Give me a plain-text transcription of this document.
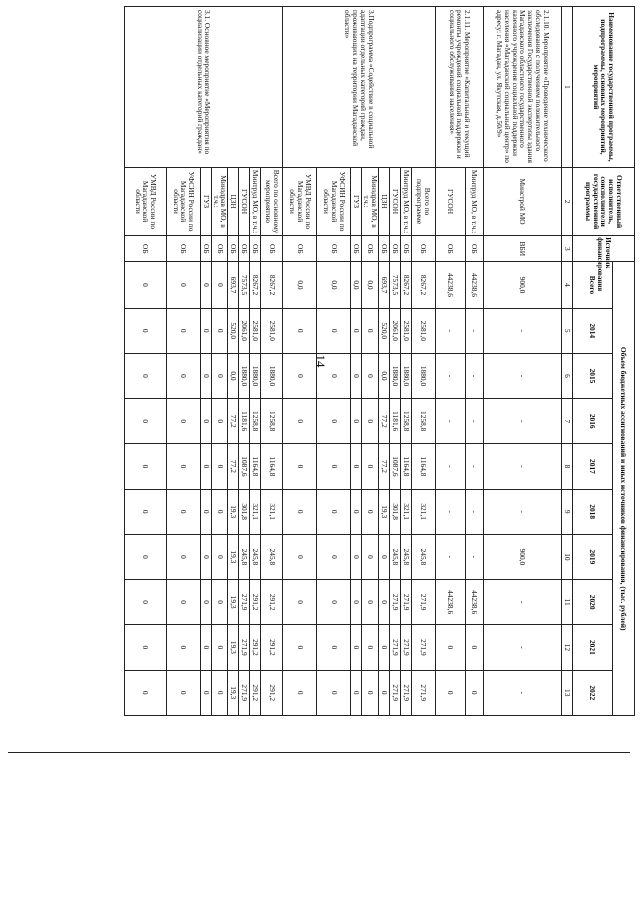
14
Наименование государственной программы, подпрограммы, основных мероприятий, мероприятий	Ответственный исполнитель, соисполнители государственной программы	Источник финансирования	Объем бюджетных ассигнований и иных источников финансирования, (тыс. рублей)									
			Всего	2014	2015	2016	2017	2018	2019	2020	2021	2022
1	2	3	4	5	6	7	8	9	10	11	12	13
2.1.10. Мероприятие «Проведение технического обследования с получением положительного заключения Государственной экспертизы здания Магаданского областного государственного казенного учреждения социальной поддержки населения «Магаданский социальный центр» по адресу: г. Магадан, ул. Якутская, д.50/9»	Минстрой МО	ВБИ	900,0	-	-	-	-	-	900,0	-	-	-
2.1.11. Мероприятие «Капитальный и текущий ремонты учреждений социальной поддержки и социального обслуживания населения»	Минтруд МО, в т.ч.:	ОБ	44238,6	-	-	-	-	-	-	44238,6	0	0
	ГУСОН	ОБ	44238,6	-	-	-	-	-	-	44238,6	0	0
3.Подпрограмма «Содействие в социальной адаптации отдельных категорий граждан, проживающих на территории Магаданской области»	Всего по подпрограмме	ОБ	8267,2	2581,0	1880,0	1258,8	1164,8	321,1	245,8	271,9	271,9	271,9
	Минтруд МО, в т.ч.:	ОБ	8267,2	2581,0	1880,0	1258,8	1164,8	321,1	245,8	271,9	271,9	271,9
	ГУСОН	ОБ	7573,5	2061,0	1880,0	1181,6	1087,6	301,8	245,8	271,9	271,9	271,9
	ЦЗН	ОБ	693,7	520,0	0,0	77,2	77,2	19,3	0	0	0	0
	Минздрав МО, в т.ч.:	ОБ	0,0	0	0	0	0	0	0	0	0	0
	ГУЗ	ОБ	0,0	0	0	0	0	0	0	0	0	0
	УФСИН России по Магаданской области	ОБ	0,0	0	0	0	0	0	0	0	0	0
	УМВД России по Магаданской области	ОБ	0,0	0	0	0	0	0	0	0	0	0
3.1. Основное мероприятие «Мероприятия по социализации отдельных категорий граждан»	Всего по основному мероприятию	ОБ	8267,2	2581,0	1880,0	1258,8	1164,8	321,1	245,8	291,2	291,2	291,2
	Минтруд МО, в т.ч.:	ОБ	8267,2	2581,0	1880,0	1258,8	1164,8	321,1	245,8	291,2	291,2	291,2
	ГУСОН	ОБ	7573,5	2061,0	1880,0	1181,6	1087,6	301,8	245,8	271,9	271,9	271,9
	ЦЗН	ОБ	693,7	520,0	0,0	77,2	77,2	19,3	19,3	19,3	19,3	19,3
	Минздрав МО, в т.ч.:	ОБ	0	0	0	0	0	0	0	0	0	0
	ГУЗ	ОБ	0	0	0	0	0	0	0	0	0	0
	УФСИН России по Магаданской области	ОБ	0	0	0	0	0	0	0	0	0	0
	УМВД России по Магаданской области	ОБ	0	0	0	0	0	0	0	0	0	0
